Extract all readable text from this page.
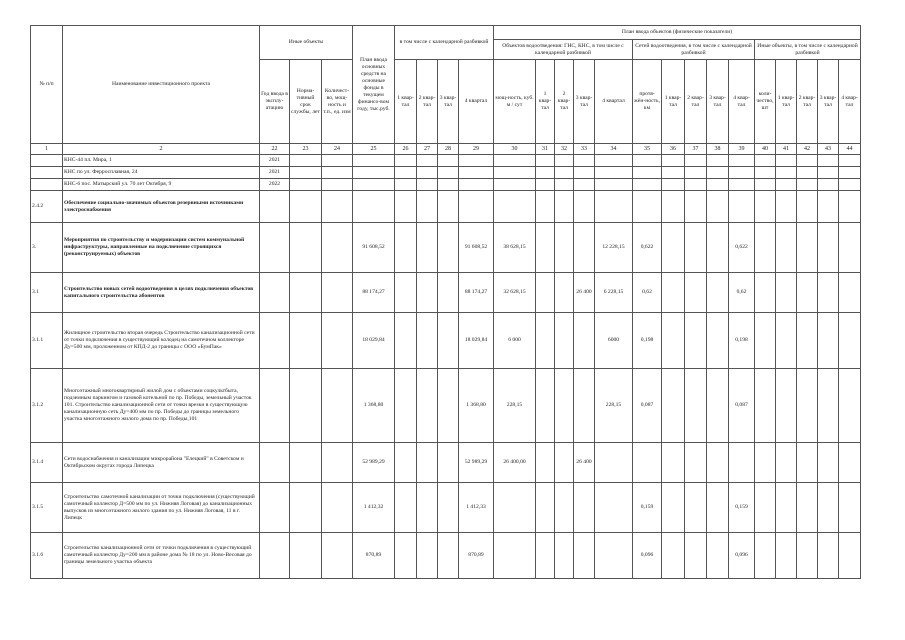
№ п/п	Наименование инвестиционного проекта	Иные объекты			План ввода основных средств на основные фонды в текущем финансо-вом году, тыс.руб.	в том числе с календарной разбивкой				План ввода объектов (физические показатели)														
										Объектов водоотведения: ГНС, КНС, в том числе с календарной разбивкой					Сетей водоотведения, в том числе с календарной разбивкой					Иные объекты, в том числе с календарной разбивкой				
		Год ввода в эксплу-атацию	Норма-тивный срок службы, лет	Количест-во, мощ-ность и т.п., ед. изм		1 квар-тал	2 квар-тал	3 квар-тал	4 квартал	мощ-ность, куб. м / сут	1 квар-тал	2 квар-тал	3 квар-тал	4 квартал	протя-жён-ность, км	1 квар-тал	2 квар-тал	3 квар-тал	4 квар-тал	коли-чество, шт	1 квар-тал	2 квар-тал	3 квар-тал	4 квар-тал

1	2	22	23	24	25	26	27	28	29	30	31	32	33	34	35	36	37	38	39	40	41	42	43	44
	КНС-44 пл. Мира, 1	2021																						
	КНС по ул. Ферросплавная, 24	2021																						
	КНС-6 пос. Матырский ул. 70 лет Октября, 9	2022																						
2.4.2	Обеспечение социально-значимых объектов резервными источниками электроснабжения																							
3.	Мероприятия по строительству и модернизации систем коммунальной инфраструктуры, направленные на подключение строящихся (реконструируемых) объектов				91 608,52				91 608,52	38 628,15				12 228,15	0,622				0,622					
3.1	Строительство новых сетей водоотведения в целях подключения объектов капитального строительства абонентов				88 174,27				88 174,27	32 628,15			26 400	6 228,15	0,62				0,62					
3.1.1	Жилищное строительство вторая очередь Строительство канализационной сети от точки подключения в существующий колодец на самотечном коллекторе Ду=500 мм, проложенном от КПД-2 до границы с ООО «БумПак»				18 029,84				18 029,84	6 000				6000	0,198				0,198					
3.1.2	Многоэтажный многоквартирный жилой дом с объектами соцкультбыта, подземным паркингом и газовой котельной по пр. Победы, земельный участок 101. Строительство канализационной сети от точки врезки в существующую канализационную сеть Ду=400 мм по пр. Победы до границы земельного участка многоэтажного жилого дома по пр. Победы,101				1 368,80				1 368,80	228,15				228,15	0,087				0,087					
3.1.4	Сети водоснабжения и канализации микрорайона "Елецкий" в Советском и Октябрьском округах города Липецка				52 989,29				52 989,29	26 400,00			26 400											
3.1.5	Строительство самотечной канализации от точки подключения (существующий самотечный коллектор Д=500 мм по ул. Нижняя Логовая) до канализационных выпусков из многоэтажного жилого здания по ул. Нижняя Логовая, 11 в г. Липецк				1 412,32				1 412,33						0,159				0,159					
3.1.6	Строительство канализационной сети от точки подключения в существующий самотечный коллектор Ду=200 мм в районе дома № 18 по ул. Ново-Весовая до границы земельного участка объекта				870,89				870,89						0,096				0,096					
